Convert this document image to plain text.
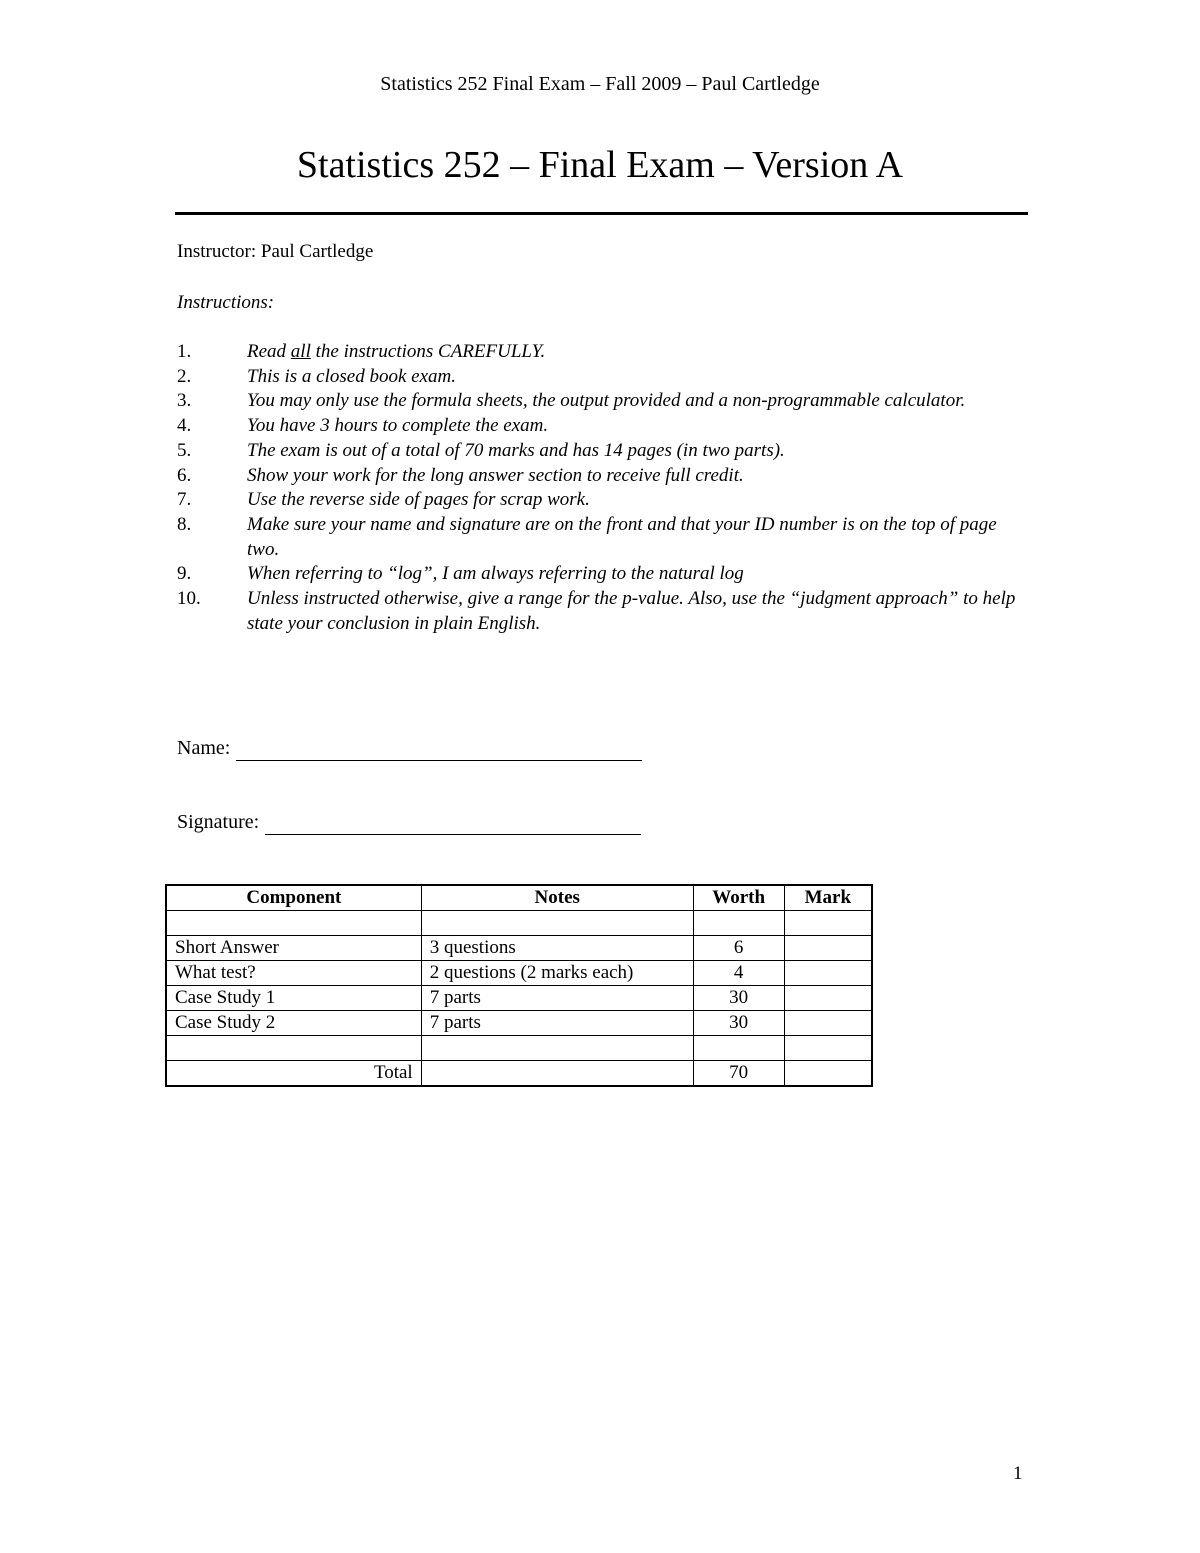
Statistics 252 Final Exam – Fall 2009 – Paul Cartledge
Statistics 252 – Final Exam – Version A
Instructor: Paul Cartledge
Instructions:
1.	Read all the instructions CAREFULLY.
2.	This is a closed book exam.
3.	You may only use the formula sheets, the output provided and a non-programmable calculator.
4.	You have 3 hours to complete the exam.
5.	The exam is out of a total of 70 marks and has 14 pages (in two parts).
6.	Show your work for the long answer section to receive full credit.
7.	Use the reverse side of pages for scrap work.
8.	Make sure your name and signature are on the front and that your ID number is on the top of page two.
9.	When referring to “log”, I am always referring to the natural log
10. Unless instructed otherwise, give a range for the p-value. Also, use the “judgment approach” to help state your conclusion in plain English.
Name:
Signature:
Component	Notes	Worth	Mark

Short Answer	3 questions	6	
What test?	2 questions (2 marks each)	4	
Case Study 1	7 parts	30	
Case Study 2	7 parts	30	

Total		70	
1
